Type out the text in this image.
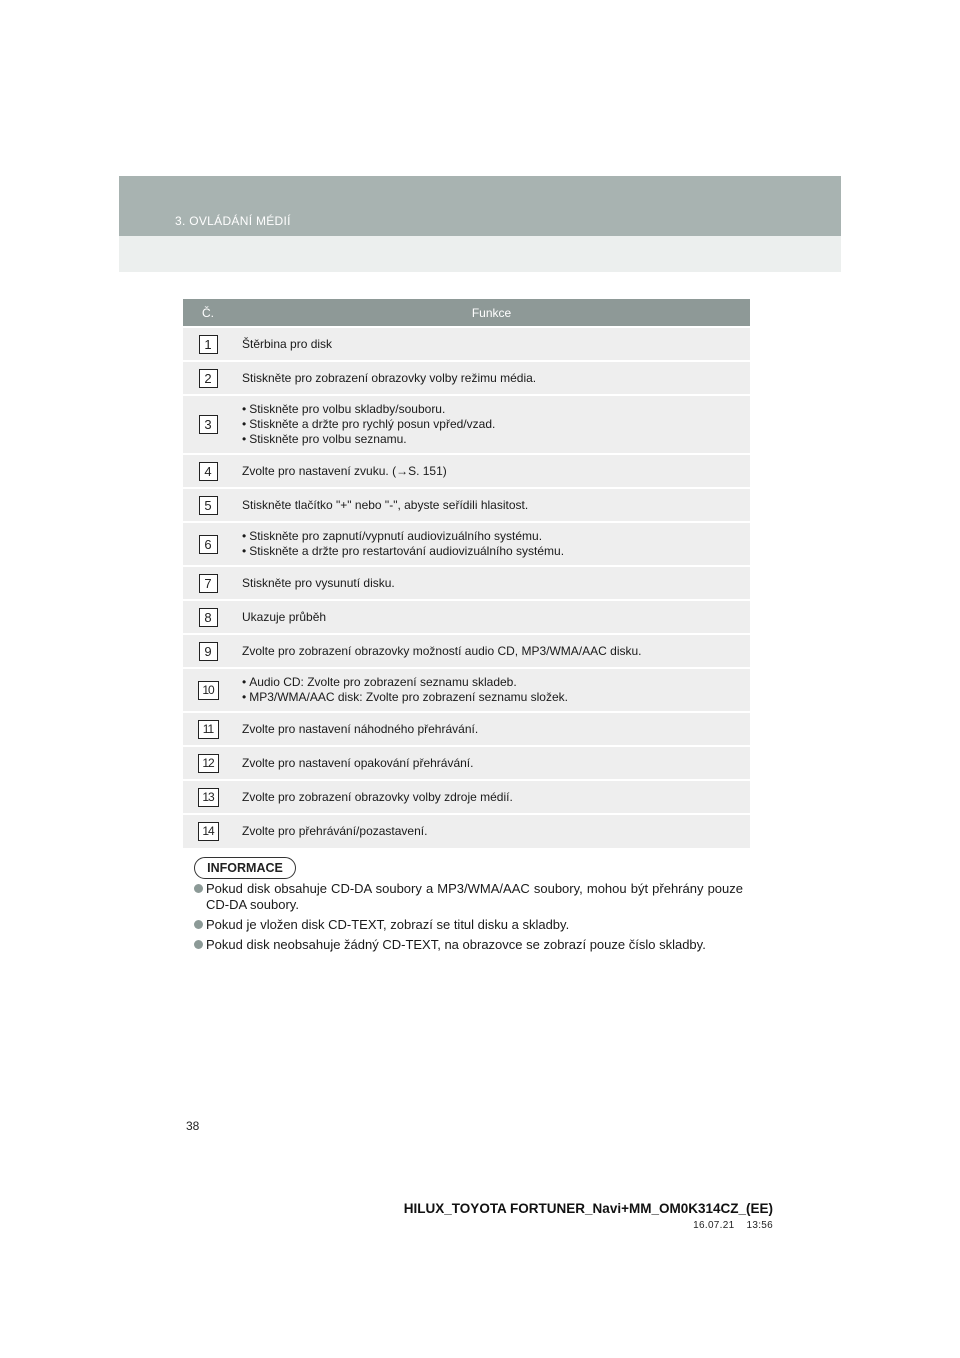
3. OVLÁDÁNÍ MÉDIÍ
Č.	Funkce
1	Štěrbina pro disk

2	Stiskněte pro zobrazení obrazovky volby režimu média.

3	• Stiskněte pro volbu skladby/souboru.
• Stiskněte a držte pro rychlý posun vpřed/vzad.
• Stiskněte pro volbu seznamu.

4	Zvolte pro nastavení zvuku. (→S. 151)

5	Stiskněte tlačítko "+" nebo "-", abyste seřídili hlasitost.

6	• Stiskněte pro zapnutí/vypnutí audiovizuálního systému.
• Stiskněte a držte pro restartování audiovizuálního systému.

7	Stiskněte pro vysunutí disku.

8	Ukazuje průběh

9	Zvolte pro zobrazení obrazovky možností audio CD, MP3/WMA/AAC disku.

10	• Audio CD: Zvolte pro zobrazení seznamu skladeb.
• MP3/WMA/AAC disk: Zvolte pro zobrazení seznamu složek.

11	Zvolte pro nastavení náhodného přehrávání.

12	Zvolte pro nastavení opakování přehrávání.

13	Zvolte pro zobrazení obrazovky volby zdroje médií.

14	Zvolte pro přehrávání/pozastavení.
INFORMACE
Pokud disk obsahuje CD-DA soubory a MP3/WMA/AAC soubory, mohou být přehrány pouze CD-DA soubory.
Pokud je vložen disk CD-TEXT, zobrazí se titul disku a skladby.
Pokud disk neobsahuje žádný CD-TEXT, na obrazovce se zobrazí pouze číslo skladby.
38
HILUX_TOYOTA FORTUNER_Navi+MM_OM0K314CZ_(EE)
16.07.21 13:56
